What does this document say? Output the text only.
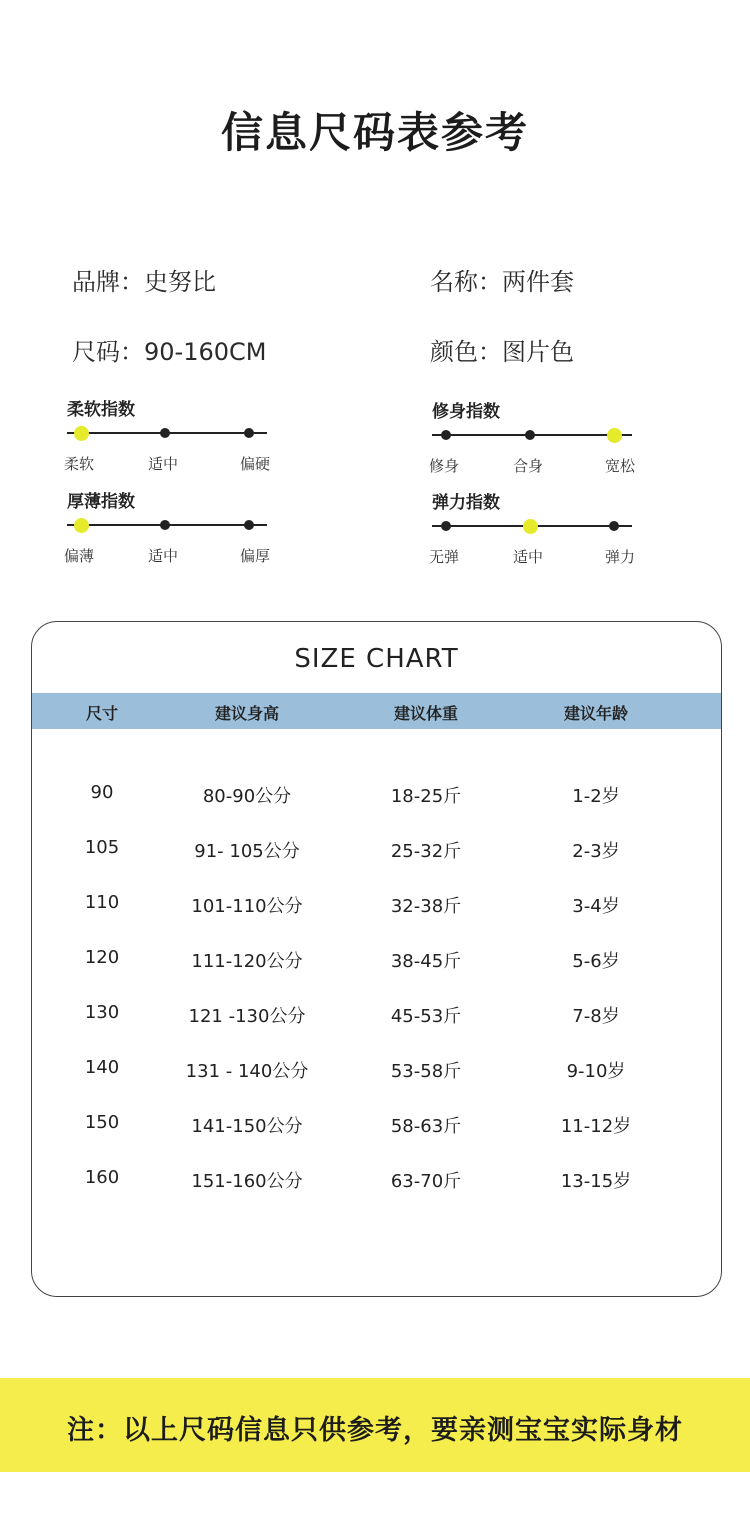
信息尺码表参考
品牌：史努比	名称：两件套
尺码：90-160CM	颜色：图片色
柔软指数
柔软	适中	偏硬
修身指数
修身	合身	宽松
厚薄指数
偏薄	适中	偏厚
弹力指数
无弹	适中	弹力
SIZE CHART
尺寸	建议身高	建议体重	建议年龄
90	80-90公分	18-25斤	1-2岁
105	91- 105公分	25-32斤	2-3岁
110	101-110公分	32-38斤	3-4岁
120	111-120公分	38-45斤	5-6岁
130	121 -130公分	45-53斤	7-8岁
140	131 - 140公分	53-58斤	9-10岁
150	141-150公分	58-63斤	11-12岁
160	151-160公分	63-70斤	13-15岁
注：以上尺码信息只供参考，要亲测宝宝实际身材
